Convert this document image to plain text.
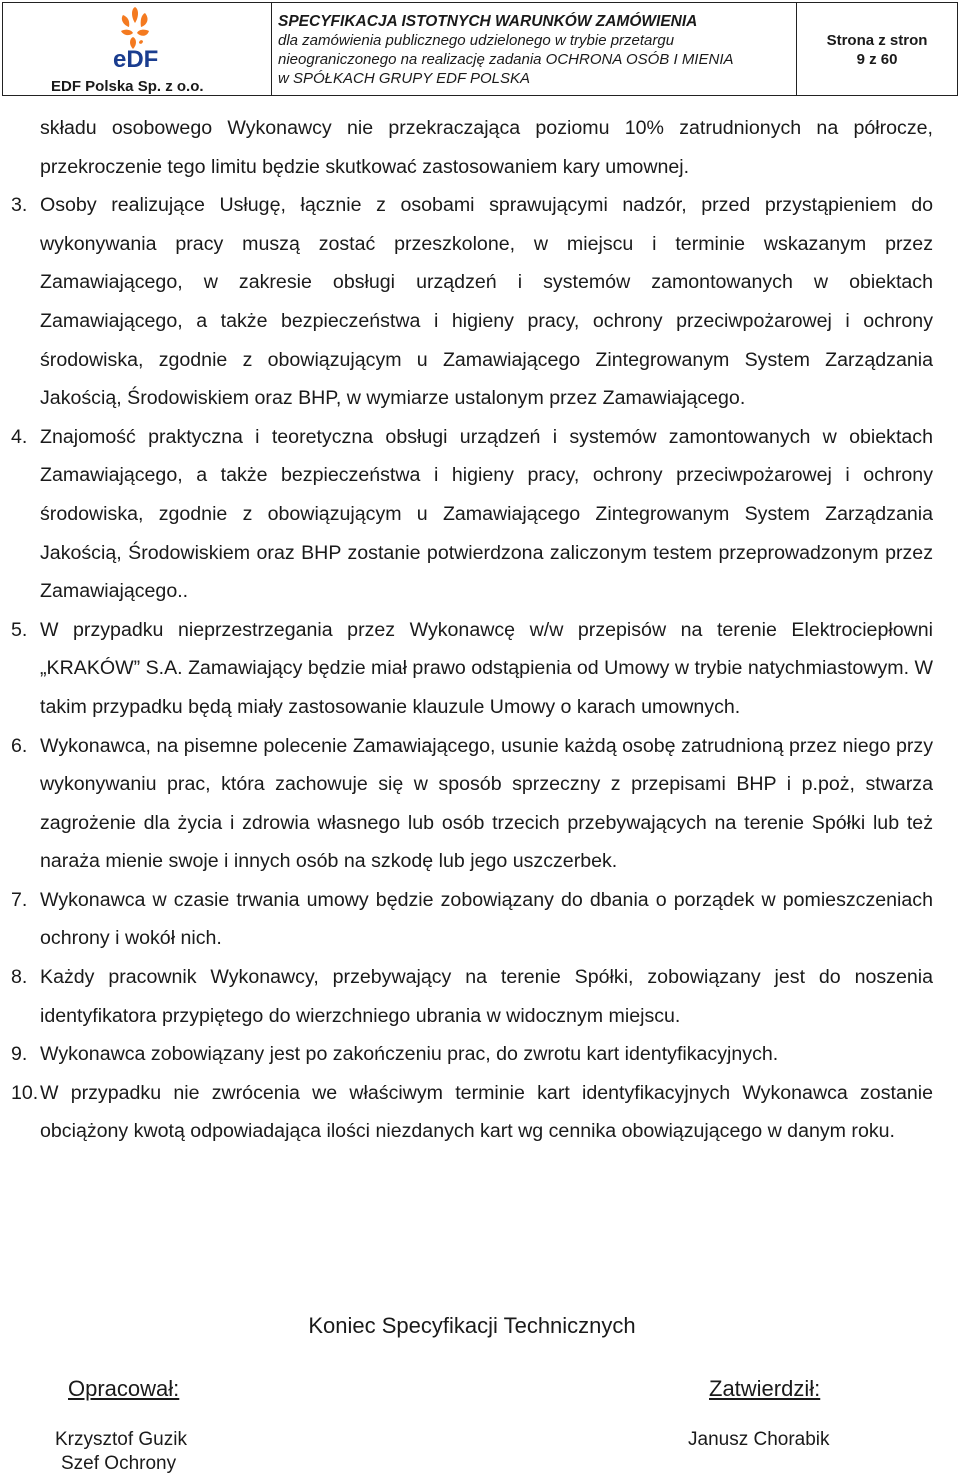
eDF
EDF Polska Sp. z o.o.
SPECYFIKACJA ISTOTNYCH WARUNKÓW ZAMÓWIENIA
dla zamówienia publicznego udzielonego w trybie przetargu
nieograniczonego na realizację zadania OCHRONA OSÓB I MIENIA
w SPÓŁKACH GRUPY EDF POLSKA
Strona z stron
9 z 60

składu osobowego Wykonawcy nie przekraczająca poziomu 10% zatrudnionych na półrocze, przekroczenie tego limitu będzie skutkować zastosowaniem kary umownej.

3. Osoby realizujące Usługę, łącznie z osobami sprawującymi nadzór, przed przystąpieniem do wykonywania pracy muszą zostać przeszkolone, w miejscu i terminie wskazanym przez Zamawiającego, w zakresie obsługi urządzeń i systemów zamontowanych w obiektach Zamawiającego, a także bezpieczeństwa i higieny pracy, ochrony przeciwpożarowej i ochrony środowiska, zgodnie z obowiązującym u Zamawiającego Zintegrowanym System Zarządzania Jakością, Środowiskiem oraz BHP, w wymiarze ustalonym przez Zamawiającego.
4. Znajomość praktyczna i teoretyczna obsługi urządzeń i systemów zamontowanych w obiektach Zamawiającego, a także bezpieczeństwa i higieny pracy, ochrony przeciwpożarowej i ochrony środowiska, zgodnie z obowiązującym u Zamawiającego Zintegrowanym System Zarządzania Jakością, Środowiskiem oraz BHP zostanie potwierdzona zaliczonym testem przeprowadzonym przez Zamawiającego..
5. W przypadku nieprzestrzegania przez Wykonawcę w/w przepisów na terenie Elektrociepłowni „KRAKÓW” S.A. Zamawiający będzie miał prawo odstąpienia od Umowy w trybie natychmiastowym. W takim przypadku będą miały zastosowanie klauzule Umowy o karach umownych.
6. Wykonawca, na pisemne polecenie Zamawiającego, usunie każdą osobę zatrudnioną przez niego przy wykonywaniu prac, która zachowuje się w sposób sprzeczny z przepisami BHP i p.poż, stwarza zagrożenie dla życia i zdrowia własnego lub osób trzecich przebywających na terenie Spółki lub też naraża mienie swoje i innych osób na szkodę lub jego uszczerbek.
7. Wykonawca w czasie trwania umowy będzie zobowiązany do dbania o porządek w pomieszczeniach ochrony i wokół nich.
8. Każdy pracownik Wykonawcy, przebywający na terenie Spółki, zobowiązany jest do noszenia identyfikatora przypiętego do wierzchniego ubrania w widocznym miejscu.
9. Wykonawca zobowiązany jest po zakończeniu prac, do zwrotu kart identyfikacyjnych.
10. W przypadku nie zwrócenia we właściwym terminie kart identyfikacyjnych Wykonawca zostanie obciążony kwotą odpowiadająca ilości niezdanych kart wg cennika obowiązującego w danym roku.
Koniec Specyfikacji Technicznych
Opracował:	Zatwierdził:
Krzysztof Guzik
Szef Ochrony
Janusz Chorabik
